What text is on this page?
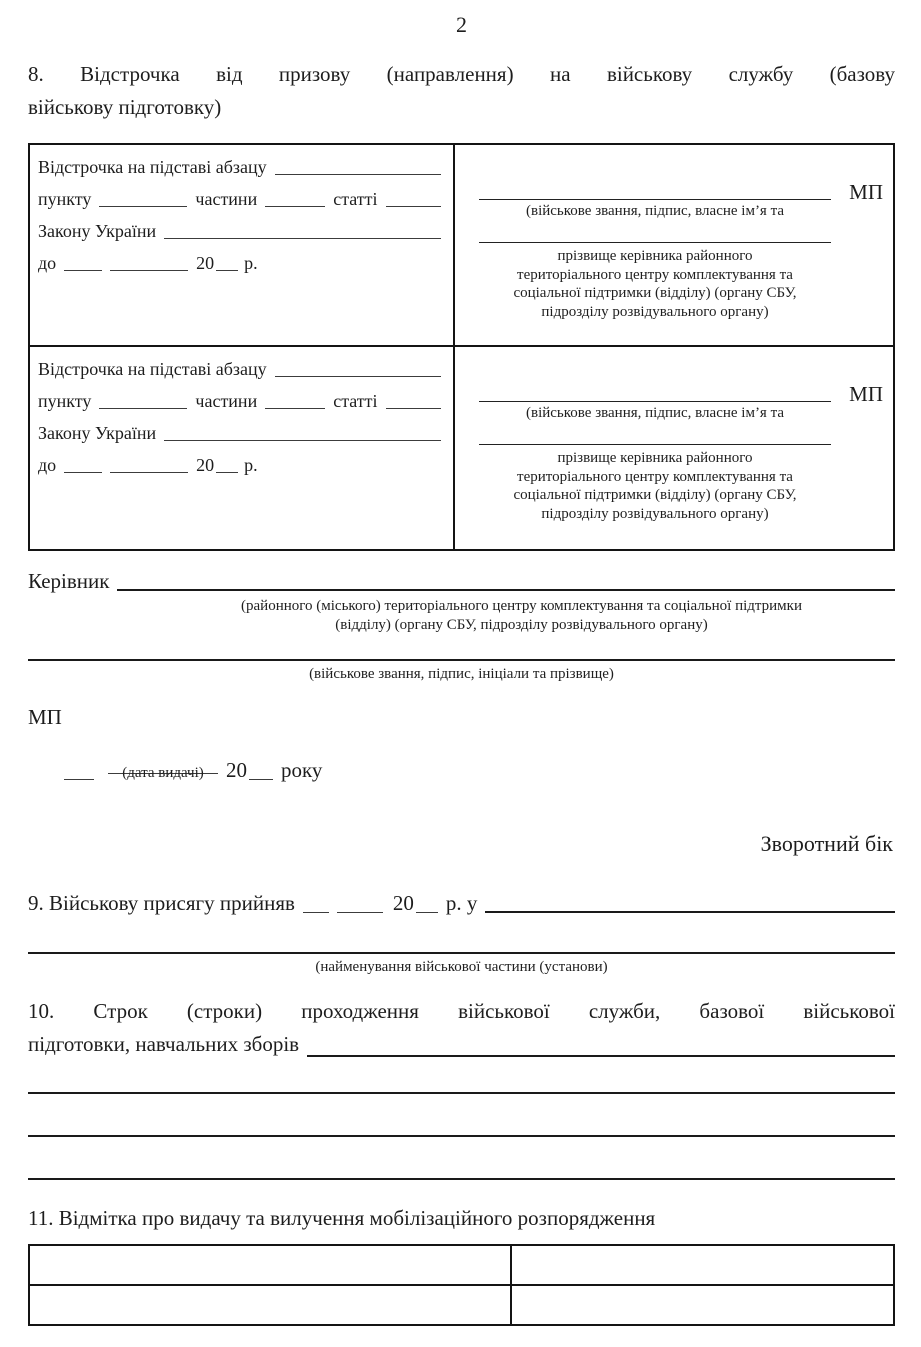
2
8. Відстрочка від призову (направлення) на військову службу (базову
військову підготовку)
Відстрочка на підставі абзацу
пункту	частини	статті
Закону України
до	20 р.

(військове звання, підпис, власне ім’я та
прізвище керівника районного
територіального центру комплектування та
соціальної підтримки (відділу) (органу СБУ,
підрозділу розвідувального органу)
МП

Відстрочка на підставі абзацу
пункту	частини	статті
Закону України
до	20 р.

(військове звання, підпис, власне ім’я та
прізвище керівника районного
територіального центру комплектування та
соціальної підтримки (відділу) (органу СБУ,
підрозділу розвідувального органу)
МП
Керівник
(районного (міського) територіального центру комплектування та соціальної підтримки
(відділу) (органу СБУ, підрозділу розвідувального органу)
(військове звання, підпис, ініціали та прізвище)
МП
(дата видачі)	20 року
Зворотний бік
9. Військову присягу прийняв	20 р. у
(найменування військової частини (установи)
10. Строк (строки) проходження військової служби, базової військової
підготовки, навчальних зборів
11. Відмітка про видачу та вилучення мобілізаційного розпорядження
